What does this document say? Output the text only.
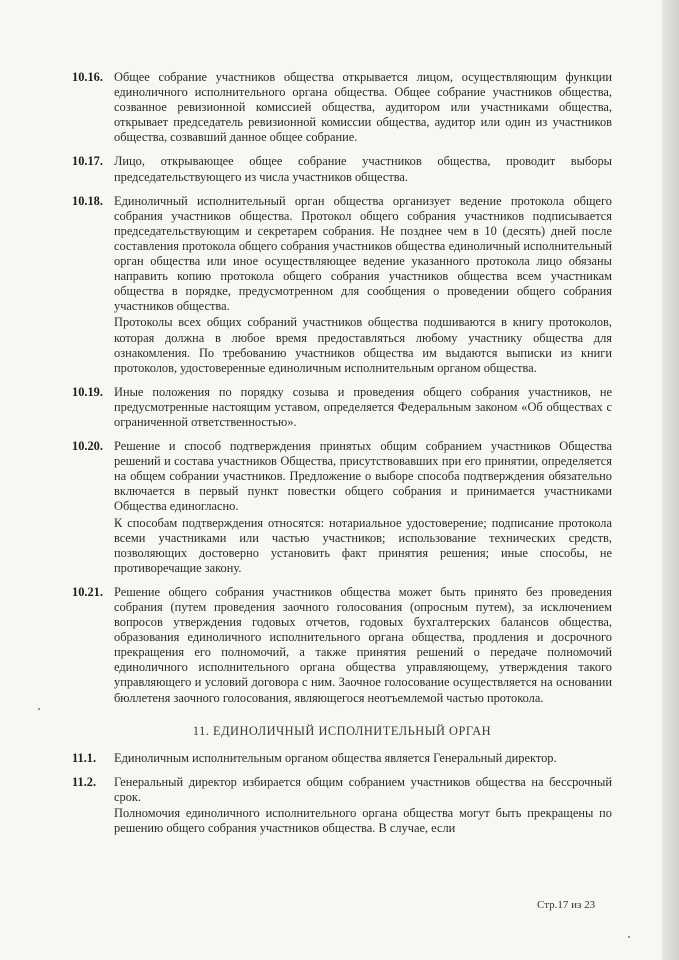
10.16. Общее собрание участников общества открывается лицом, осуществляющим функции единоличного исполнительного органа общества. Общее собрание участников общества, созванное ревизионной комиссией общества, аудитором или участниками общества, открывает председатель ревизионной комиссии общества, аудитор или один из участников общества, созвавший данное общее собрание.

10.17. Лицо, открывающее общее собрание участников общества, проводит выборы председательствующего из числа участников общества.

10.18. Единоличный исполнительный орган общества организует ведение протокола общего собрания участников общества. Протокол общего собрания участников подписывается председательствующим и секретарем собрания. Не позднее чем в 10 (десять) дней после составления протокола общего собрания участников общества единоличный исполнительный орган общества или иное осуществляющее ведение указанного протокола лицо обязаны направить копию протокола общего собрания участников общества всем участникам общества в порядке, предусмотренном для сообщения о проведении общего собрания участников общества.

Протоколы всех общих собраний участников общества подшиваются в книгу протоколов, которая должна в любое время предоставляться любому участнику общества для ознакомления. По требованию участников общества им выдаются выписки из книги протоколов, удостоверенные единоличным исполнительным органом общества.

10.19. Иные положения по порядку созыва и проведения общего собрания участников, не предусмотренные настоящим уставом, определяется Федеральным законом «Об обществах с ограниченной ответственностью».

10.20. Решение и способ подтверждения принятых общим собранием участников Общества решений и состава участников Общества, присутствовавших при его принятии, определяется на общем собрании участников. Предложение о выборе способа подтверждения обязательно включается в первый пункт повестки общего собрания и принимается участниками Общества единогласно.

К способам подтверждения относятся: нотариальное удостоверение; подписание протокола всеми участниками или частью участников; использование технических средств, позволяющих достоверно установить факт принятия решения; иные способы, не противоречащие закону.

10.21. Решение общего собрания участников общества может быть принято без проведения собрания (путем проведения заочного голосования (опросным путем), за исключением вопросов утверждения годовых отчетов, годовых бухгалтерских балансов общества, образования единоличного исполнительного органа общества, продления и досрочного прекращения его полномочий, а также принятия решений о передаче полномочий единоличного исполнительного органа общества управляющему, утверждения такого управляющего и условий договора с ним. Заочное голосование осуществляется на основании бюллетеня заочного голосования, являющегося неотъемлемой частью протокола.

11. ЕДИНОЛИЧНЫЙ ИСПОЛНИТЕЛЬНЫЙ ОРГАН
11.1.	Единоличным исполнительным органом общества является Генеральный директор.

11.2.	Генеральный директор избирается общим собранием участников общества на бессрочный срок.

Полномочия единоличного исполнительного органа общества могут быть прекращены по решению общего собрания участников общества. В случае, если

Стр.17 из 23
